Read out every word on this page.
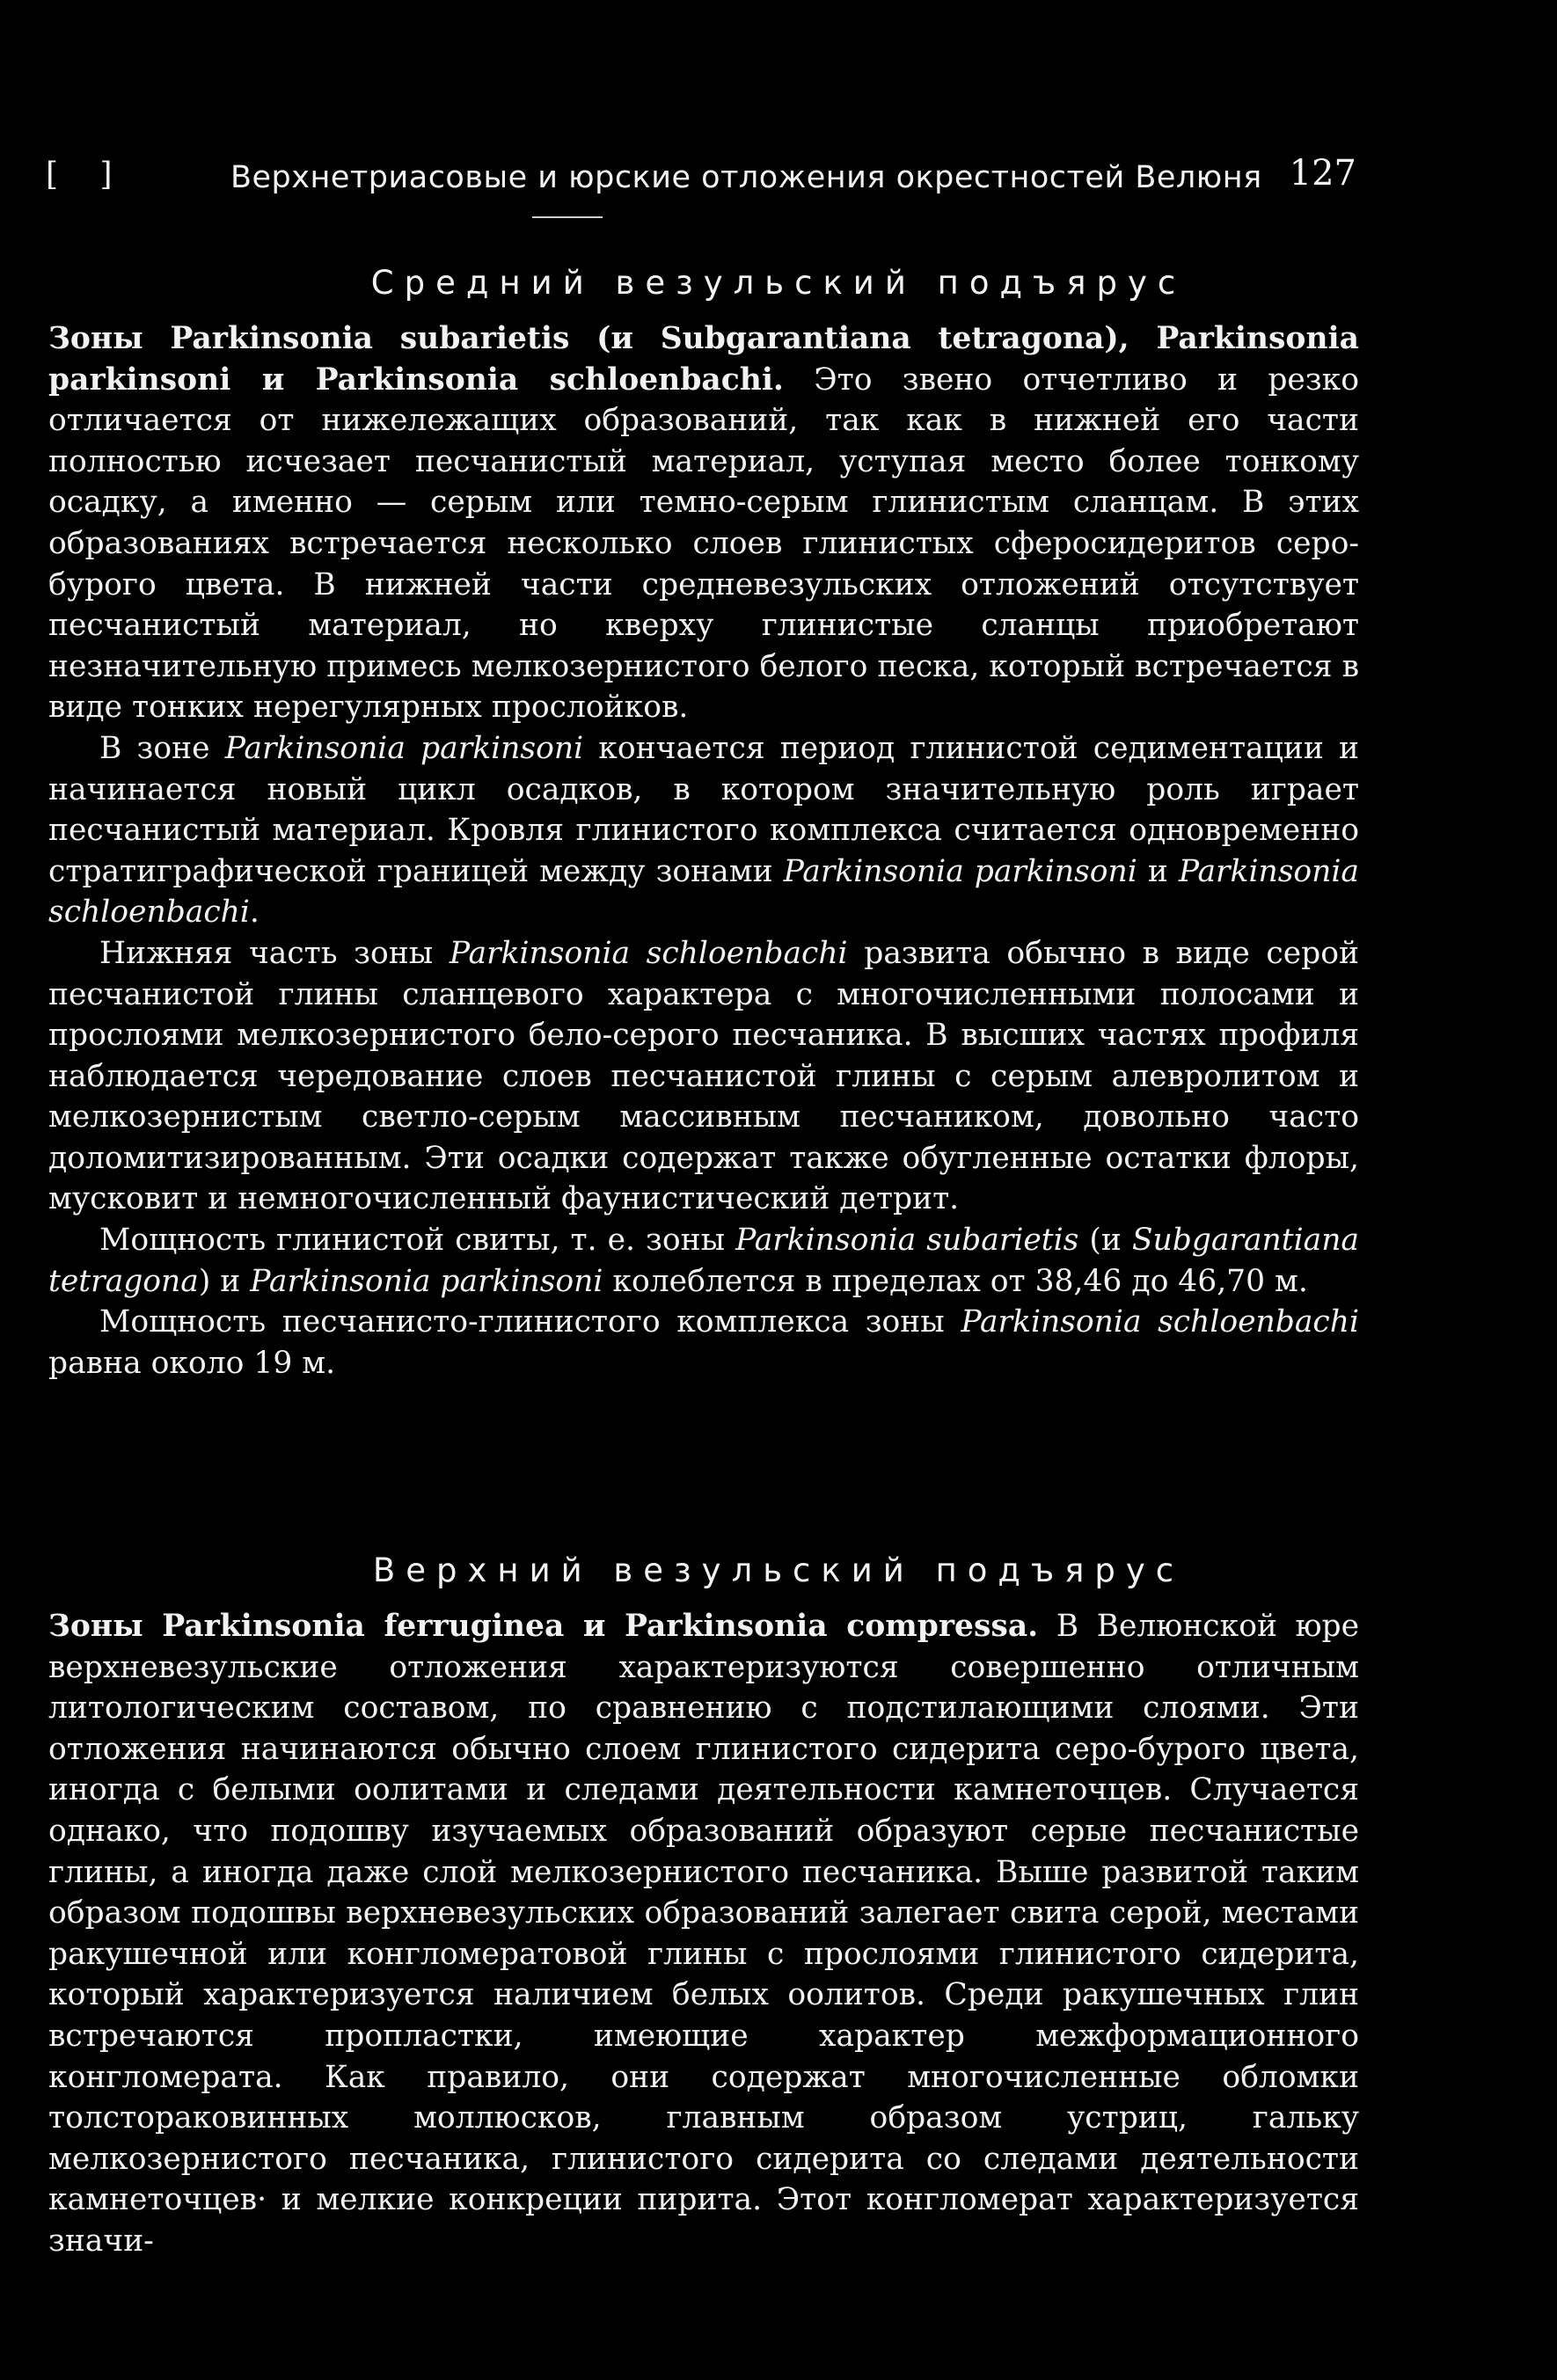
[ ]	Верхнетриасовые и юрские отложения окрестностей Велюня 127
Средний везульский подъярус

Зоны Parkinsonia subarietis (и Subgarantiana tetragona), Parkinsonia parkinsoni и Parkinsonia schloenbachi. Это звено отчетливо и резко отличается от нижележащих образований, так как в нижней его части полностью исчезает песчанистый материал, уступая место более тонкому осадку, а именно — серым или темно-серым глинистым сланцам. В этих образованиях встречается несколько слоев глинистых сферосидеритов серо-бурого цвета. В нижней части средневезульских отложений отсутствует песчанистый материал, но кверху глинистые сланцы приобретают незначительную примесь мелкозернистого белого песка, который встречается в виде тонких нерегулярных прослойков.

В зоне Parkinsonia parkinsoni кончается период глинистой седиментации и начинается новый цикл осадков, в котором значительную роль играет песчанистый материал. Кровля глинистого комплекса считается одновременно стратиграфической границей между зонами Parkinsonia parkinsoni и Parkinsonia schloenbachi.

Нижняя часть зоны Parkinsonia schloenbachi развита обычно в виде серой песчанистой глины сланцевого характера с многочисленными полосами и прослоями мелкозернистого бело-серого песчаника. В высших частях профиля наблюдается чередование слоев песчанистой глины с серым алевролитом и мелкозернистым светло-серым массивным песчаником, довольно часто доломитизированным. Эти осадки содержат также обугленные остатки флоры, мусковит и немногочисленный фаунистический детрит.

Мощность глинистой свиты, т. е. зоны Parkinsonia subarietis (и Subgarantiana tetragona) и Parkinsonia parkinsoni колеблется в пределах от 38,46 до 46,70 м.

Мощность песчанисто-глинистого комплекса зоны Parkinsonia schloenbachi равна около 19 м.

Верхний везульский подъярус

Зоны Parkinsonia ferruginea и Parkinsonia compressa. В Велюнской юре верхневезульские отложения характеризуются совершенно отличным литологическим составом, по сравнению с подстилающими слоями. Эти отложения начинаются обычно слоем глинистого сидерита серо-бурого цвета, иногда с белыми оолитами и следами деятельности камнеточцев. Случается однако, что подошву изучаемых образований образуют серые песчанистые глины, а иногда даже слой мелкозернистого песчаника. Выше развитой таким образом подошвы верхневезульских образований залегает свита серой, местами ракушечной или конгломератовой глины с прослоями глинистого сидерита, который характеризуется наличием белых оолитов. Среди ракушечных глин встречаются пропластки, имеющие характер межформационного конгломерата. Как правило, они содержат многочисленные обломки толстораковинных моллюсков, главным образом устриц, гальку мелкозернистого песчаника, глинистого сидерита со следами деятельности камнеточцев· и мелкие конкреции пирита. Этот конгломерат характеризуется значи-
